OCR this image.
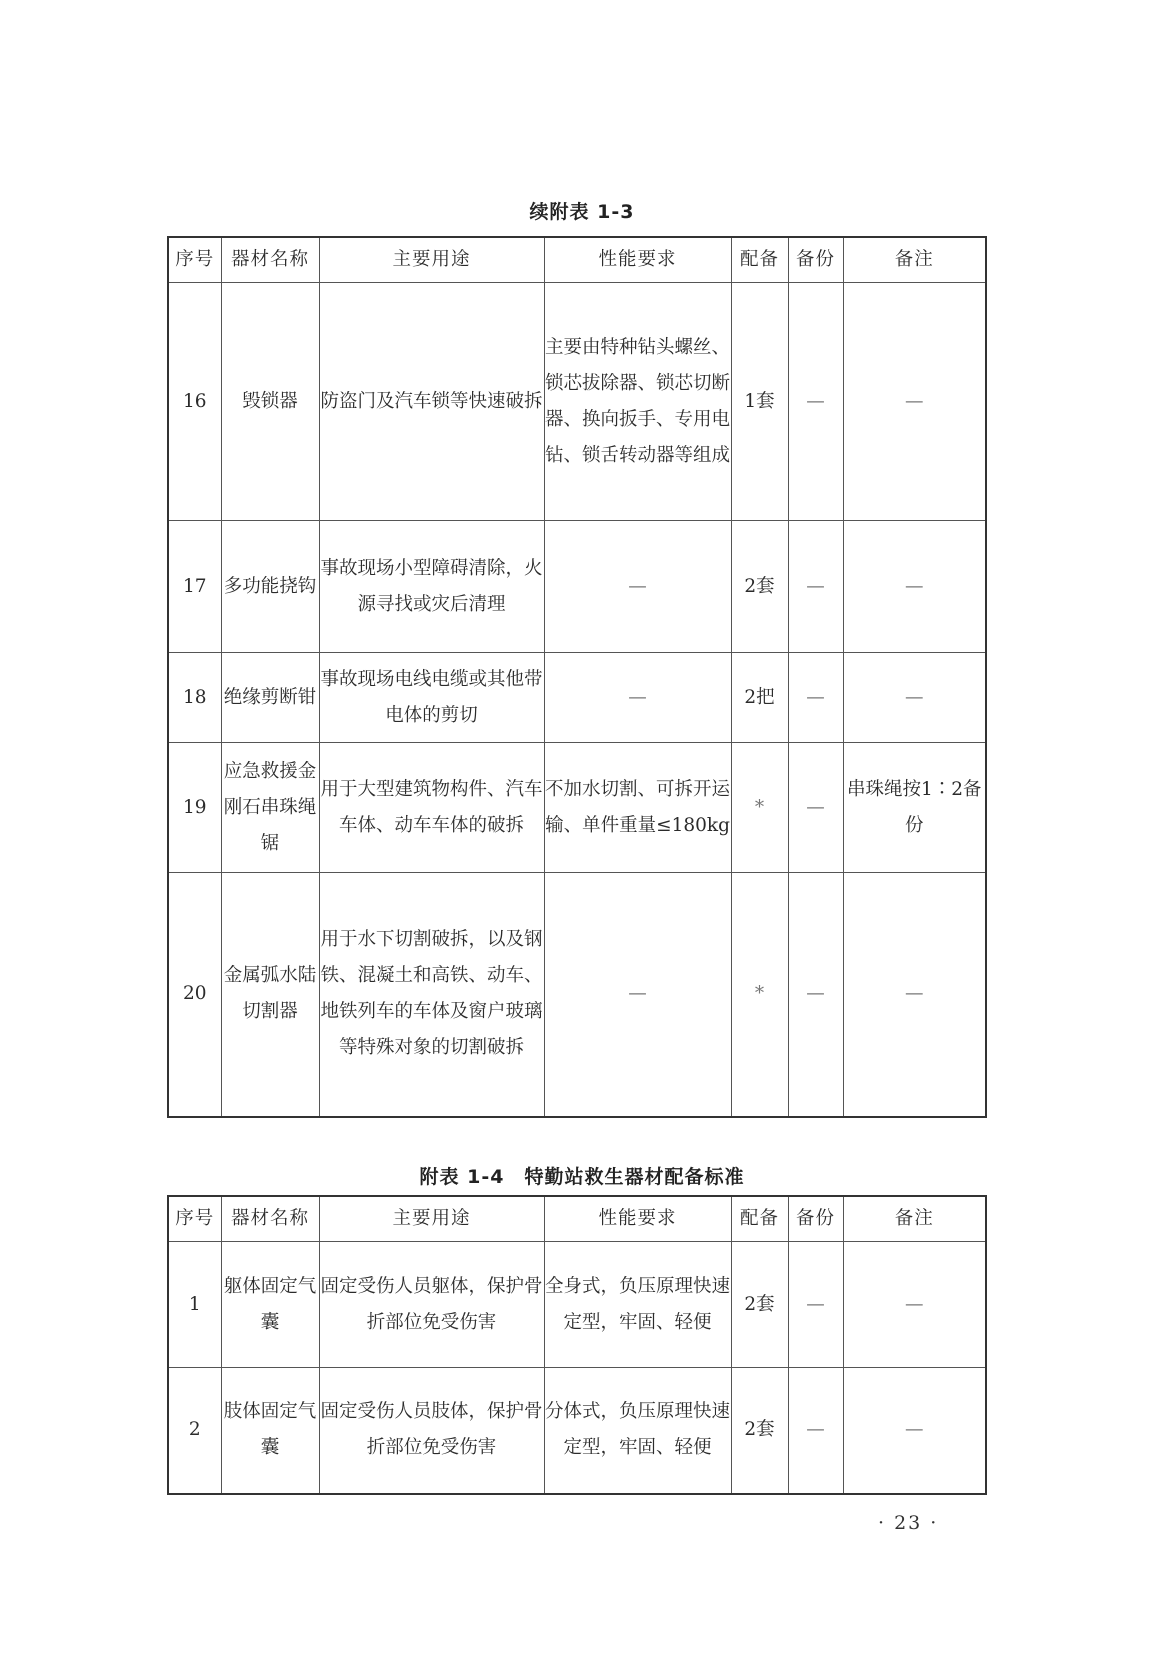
续附表 1-3
序号	器材名称	主要用途	性能要求	配备	备份	备注
16	毁锁器	防盗门及汽车锁等快速破拆	主要由特种钻头螺丝、锁芯拔除器、锁芯切断器、换向扳手、专用电钻、锁舌转动器等组成	1套	—	—
17	多功能挠钩	事故现场小型障碍清除，火源寻找或灾后清理	—	2套	—	—
18	绝缘剪断钳	事故现场电线电缆或其他带电体的剪切	—	2把	—	—
19	应急救援金刚石串珠绳锯	用于大型建筑物构件、汽车车体、动车车体的破拆	不加水切割、可拆开运输、单件重量≤180kg	*	—	串珠绳按1∶2备份
20	金属弧水陆切割器	用于水下切割破拆，以及钢铁、混凝土和高铁、动车、地铁列车的车体及窗户玻璃等特殊对象的切割破拆	—	*	—	—
附表 1-4　特勤站救生器材配备标准
序号	器材名称	主要用途	性能要求	配备	备份	备注
1	躯体固定气囊	固定受伤人员躯体，保护骨折部位免受伤害	全身式，负压原理快速定型，牢固、轻便	2套	—	—
2	肢体固定气囊	固定受伤人员肢体，保护骨折部位免受伤害	分体式，负压原理快速定型，牢固、轻便	2套	—	—
· 23 ·
